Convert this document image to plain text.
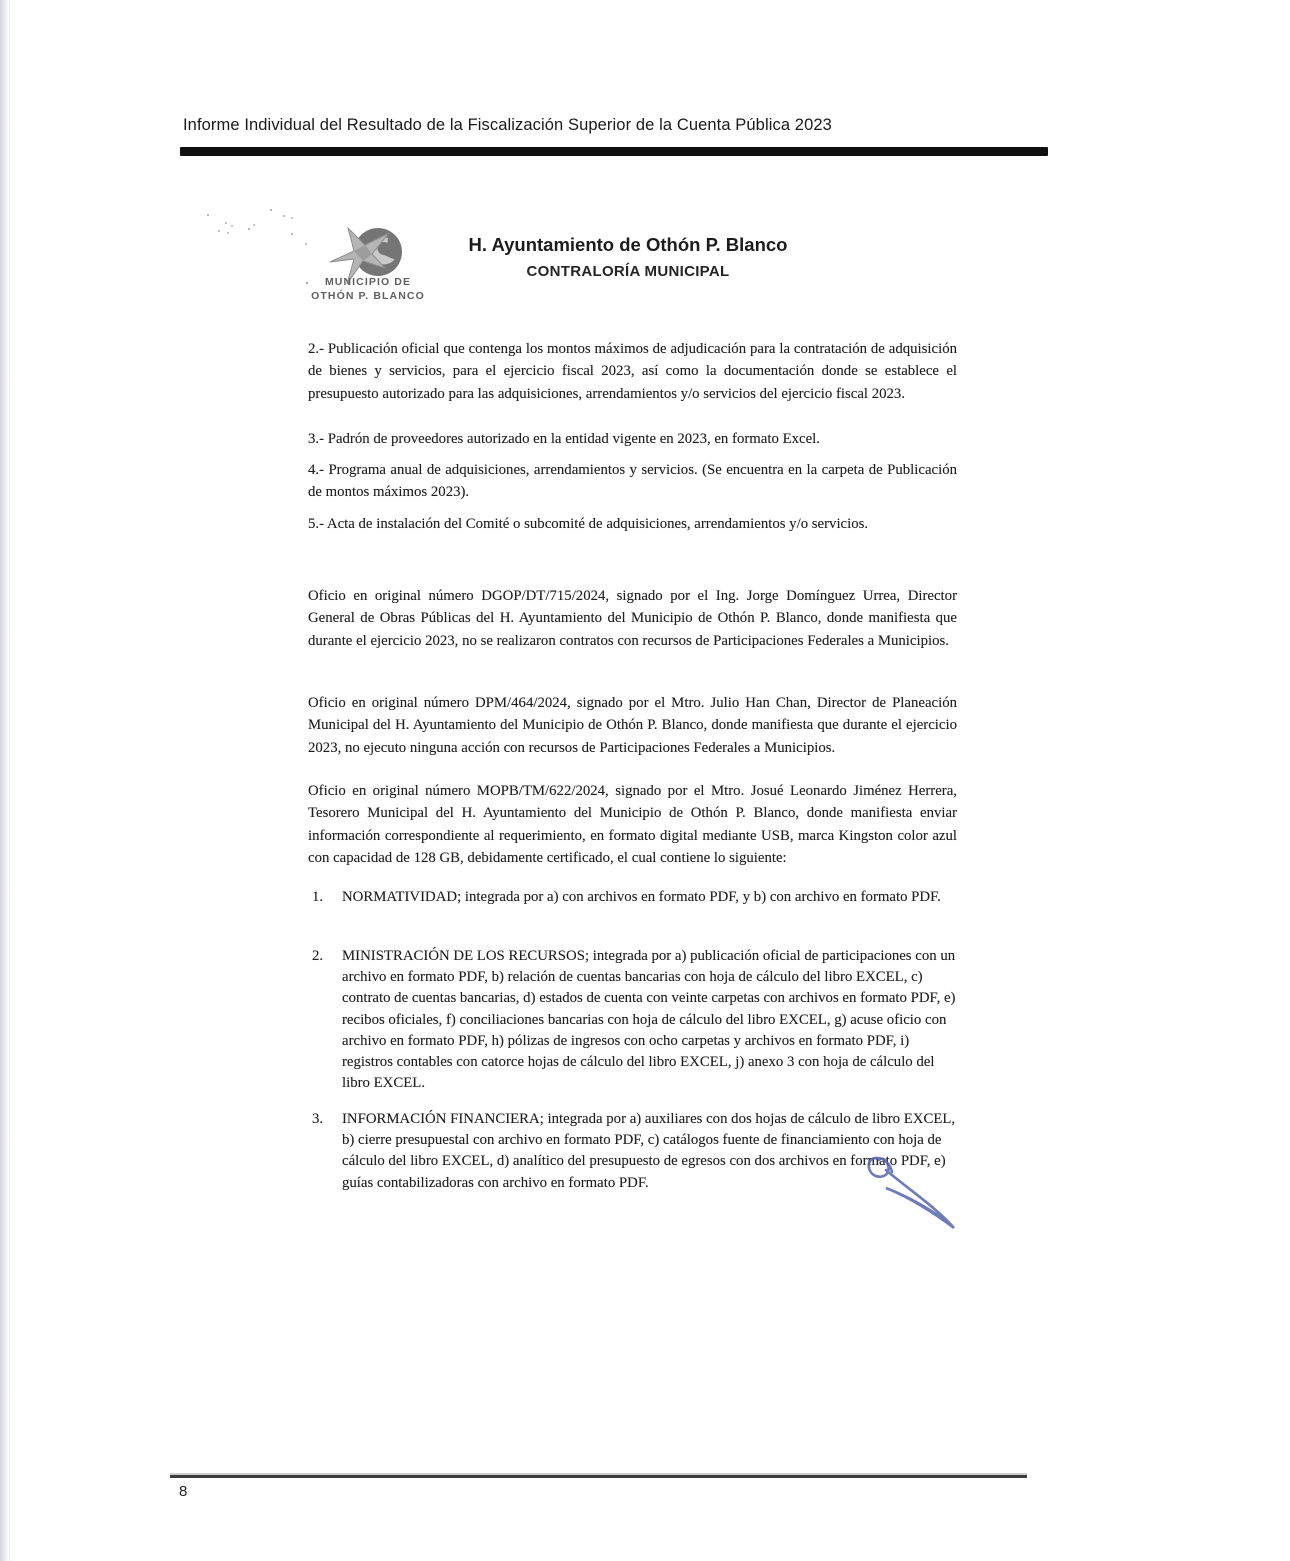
Informe Individual del Resultado de la Fiscalización Superior de la Cuenta Pública 2023
MUNICIPIO DE
OTHÓN P. BLANCO
H. Ayuntamiento de Othón P. Blanco
CONTRALORÍA MUNICIPAL

2.- Publicación oficial que contenga los montos máximos de adjudicación para la contratación de adquisición de bienes y servicios, para el ejercicio fiscal 2023, así como la documentación donde se establece el presupuesto autorizado para las adquisiciones, arrendamientos y/o servicios del ejercicio fiscal 2023.

3.- Padrón de proveedores autorizado en la entidad vigente en 2023, en formato Excel.

4.- Programa anual de adquisiciones, arrendamientos y servicios. (Se encuentra en la carpeta de Publicación de montos máximos 2023).

5.- Acta de instalación del Comité o subcomité de adquisiciones, arrendamientos y/o servicios.

Oficio en original número DGOP/DT/715/2024, signado por el Ing. Jorge Domínguez Urrea, Director General de Obras Públicas del H. Ayuntamiento del Municipio de Othón P. Blanco, donde manifiesta que durante el ejercicio 2023, no se realizaron contratos con recursos de Participaciones Federales a Municipios.

Oficio en original número DPM/464/2024, signado por el Mtro. Julio Han Chan, Director de Planeación Municipal del H. Ayuntamiento del Municipio de Othón P. Blanco, donde manifiesta que durante el ejercicio 2023, no ejecuto ninguna acción con recursos de Participaciones Federales a Municipios.

Oficio en original número MOPB/TM/622/2024, signado por el Mtro. Josué Leonardo Jiménez Herrera, Tesorero Municipal del H. Ayuntamiento del Municipio de Othón P. Blanco, donde manifiesta enviar información correspondiente al requerimiento, en formato digital mediante USB, marca Kingston color azul con capacidad de 128 GB, debidamente certificado, el cual contiene lo siguiente:

1.	NORMATIVIDAD; integrada por a) con archivos en formato PDF, y b) con archivo en formato PDF.
2.	MINISTRACIÓN DE LOS RECURSOS; integrada por a) publicación oficial de participaciones con un archivo en formato PDF, b) relación de cuentas bancarias con hoja de cálculo del libro EXCEL, c) contrato de cuentas bancarias, d) estados de cuenta con veinte carpetas con archivos en formato PDF, e) recibos oficiales, f) conciliaciones bancarias con hoja de cálculo del libro EXCEL, g) acuse oficio con archivo en formato PDF, h) pólizas de ingresos con ocho carpetas y archivos en formato PDF, i) registros contables con catorce hojas de cálculo del libro EXCEL, j) anexo 3 con hoja de cálculo del libro EXCEL.
3.	INFORMACIÓN FINANCIERA; integrada por a) auxiliares con dos hojas de cálculo de libro EXCEL, b) cierre presupuestal con archivo en formato PDF, c) catálogos fuente de financiamiento con hoja de cálculo del libro EXCEL, d) analítico del presupuesto de egresos con dos archivos en formato PDF, e) guías contabilizadoras con archivo en formato PDF.
8
